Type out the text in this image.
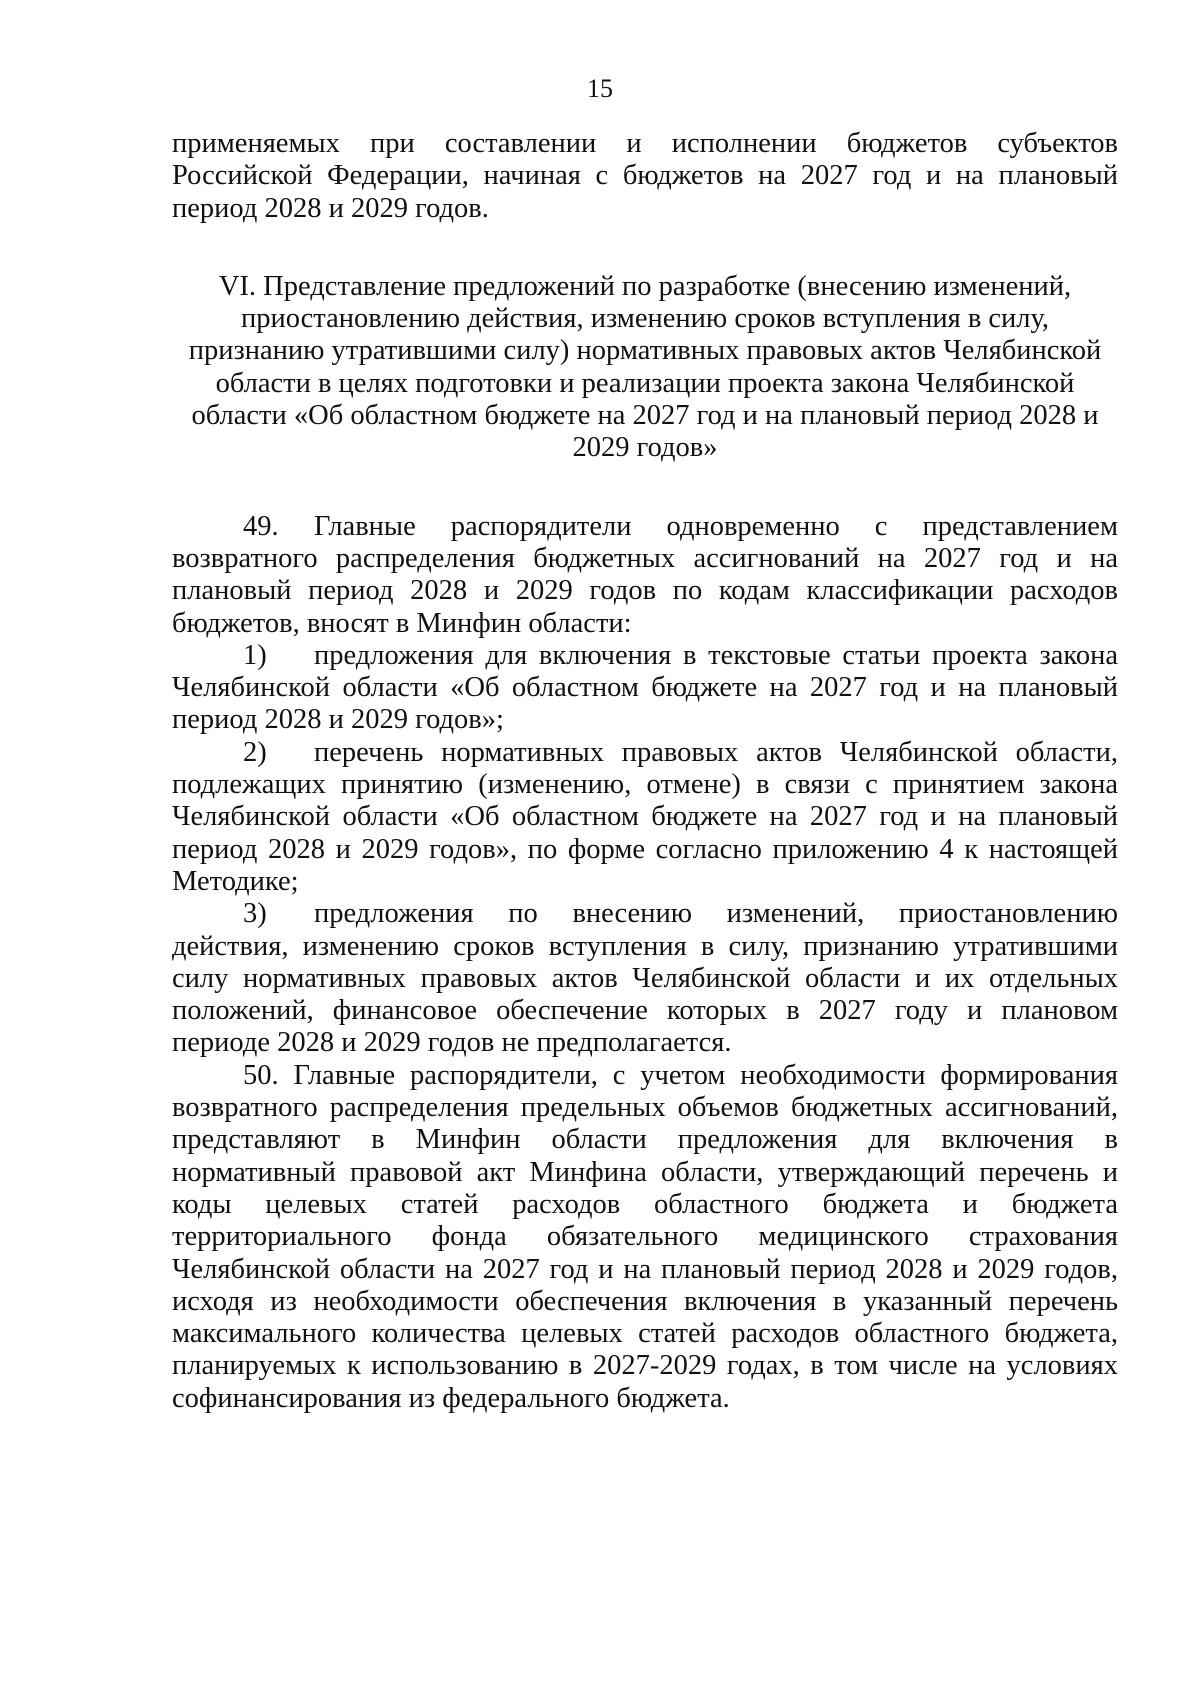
15

применяемых при составлении и исполнении бюджетов субъектов Российской Федерации, начиная с бюджетов на 2027 год и на плановый период 2028 и 2029 годов.

VI. Представление предложений по разработке (внесению изменений,

приостановлению действия, изменению сроков вступления в силу,

признанию утратившими силу) нормативных правовых актов Челябинской

области в целях подготовки и реализации проекта закона Челябинской

области «Об областном бюджете на 2027 год и на плановый период 2028 и

2029 годов»

49. Главные распорядители одновременно с представлением возвратного распределения бюджетных ассигнований на 2027 год и на плановый период 2028 и 2029 годов по кодам классификации расходов бюджетов, вносят в Минфин области:

1) предложения для включения в текстовые статьи проекта закона Челябинской области «Об областном бюджете на 2027 год и на плановый период 2028 и 2029 годов»;

2) перечень нормативных правовых актов Челябинской области, подлежащих принятию (изменению, отмене) в связи с принятием закона Челябинской области «Об областном бюджете на 2027 год и на плановый период 2028 и 2029 годов», по форме согласно приложению 4 к настоящей Методике;

3) предложения по внесению изменений, приостановлению действия, изменению сроков вступления в силу, признанию утратившими силу нормативных правовых актов Челябинской области и их отдельных положений, финансовое обеспечение которых в 2027 году и плановом периоде 2028 и 2029 годов не предполагается.

50. Главные распорядители, с учетом необходимости формирования возвратного распределения предельных объемов бюджетных ассигнований, представляют в Минфин области предложения для включения в нормативный правовой акт Минфина области, утверждающий перечень и коды целевых статей расходов областного бюджета и бюджета территориального фонда обязательного медицинского страхования Челябинской области на 2027 год и на плановый период 2028 и 2029 годов, исходя из необходимости обеспечения включения в указанный перечень максимального количества целевых статей расходов областного бюджета, планируемых к использованию в 2027-2029 годах, в том числе на условиях софинансирования из федерального бюджета.
